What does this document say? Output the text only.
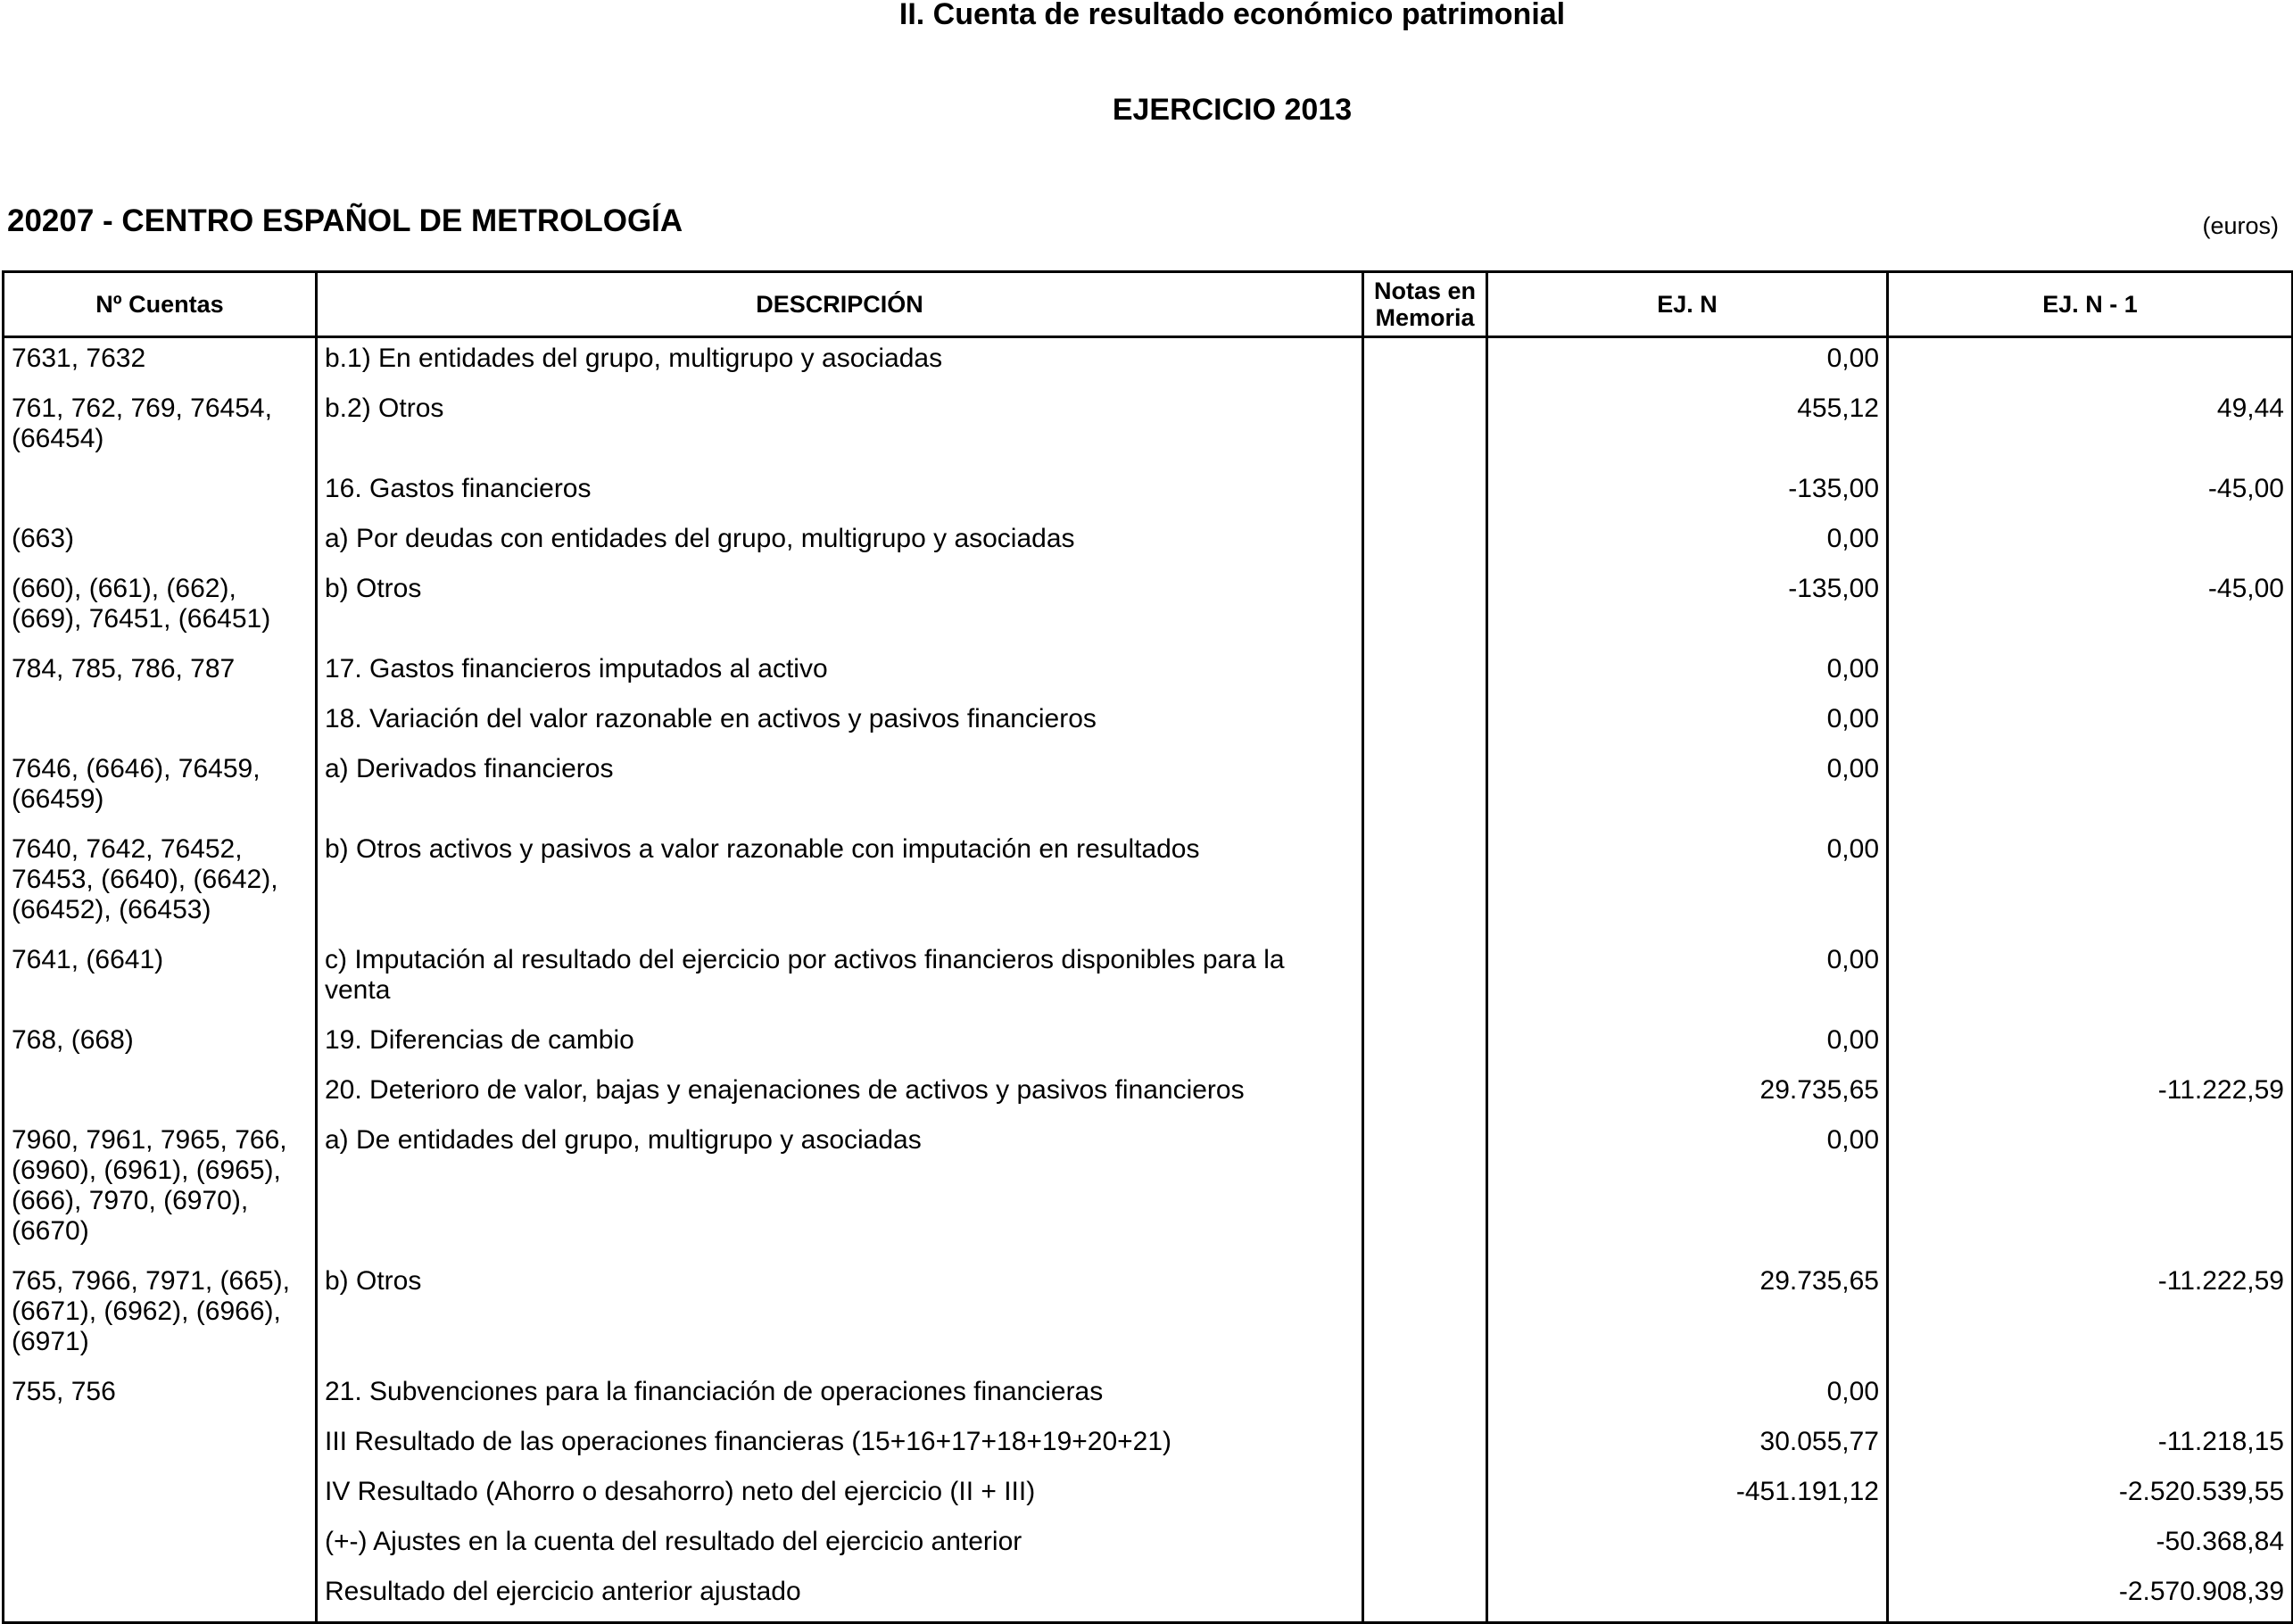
II. Cuenta de resultado económico patrimonial
EJERCICIO 2013
20207 - CENTRO ESPAÑOL DE METROLOGÍA	(euros)
Nº Cuentas	DESCRIPCIÓN	Notas en Memoria	EJ. N	EJ. N - 1
7631, 7632	b.1) En entidades del grupo, multigrupo y asociadas		0,00	
761, 762, 769, 76454, (66454)	b.2) Otros		455,12	49,44
	16. Gastos financieros		-135,00	-45,00
(663)	a) Por deudas con entidades del grupo, multigrupo y asociadas		0,00	
(660), (661), (662), (669), 76451, (66451)	b) Otros		-135,00	-45,00
784, 785, 786, 787	17. Gastos financieros imputados al activo		0,00	
	18. Variación del valor razonable en activos y pasivos financieros		0,00	
7646, (6646), 76459, (66459)	a) Derivados financieros		0,00	
7640, 7642, 76452, 76453, (6640), (6642), (66452), (66453)	b) Otros activos y pasivos a valor razonable con imputación en resultados		0,00	
7641, (6641)	c) Imputación al resultado del ejercicio por activos financieros disponibles para la venta		0,00	
768, (668)	19. Diferencias de cambio		0,00	
	20. Deterioro de valor, bajas y enajenaciones de activos y pasivos financieros		29.735,65	-11.222,59
7960, 7961, 7965, 766, (6960), (6961), (6965), (666), 7970, (6970), (6670)	a) De entidades del grupo, multigrupo y asociadas		0,00	
765, 7966, 7971, (665), (6671), (6962), (6966), (6971)	b) Otros		29.735,65	-11.222,59
755, 756	21. Subvenciones para la financiación de operaciones financieras		0,00	
	III Resultado de las operaciones financieras (15+16+17+18+19+20+21)		30.055,77	-11.218,15
	IV Resultado (Ahorro o desahorro) neto del ejercicio (II + III)		-451.191,12	-2.520.539,55
	(+-) Ajustes en la cuenta del resultado del ejercicio anterior			-50.368,84
	Resultado del ejercicio anterior ajustado			-2.570.908,39
